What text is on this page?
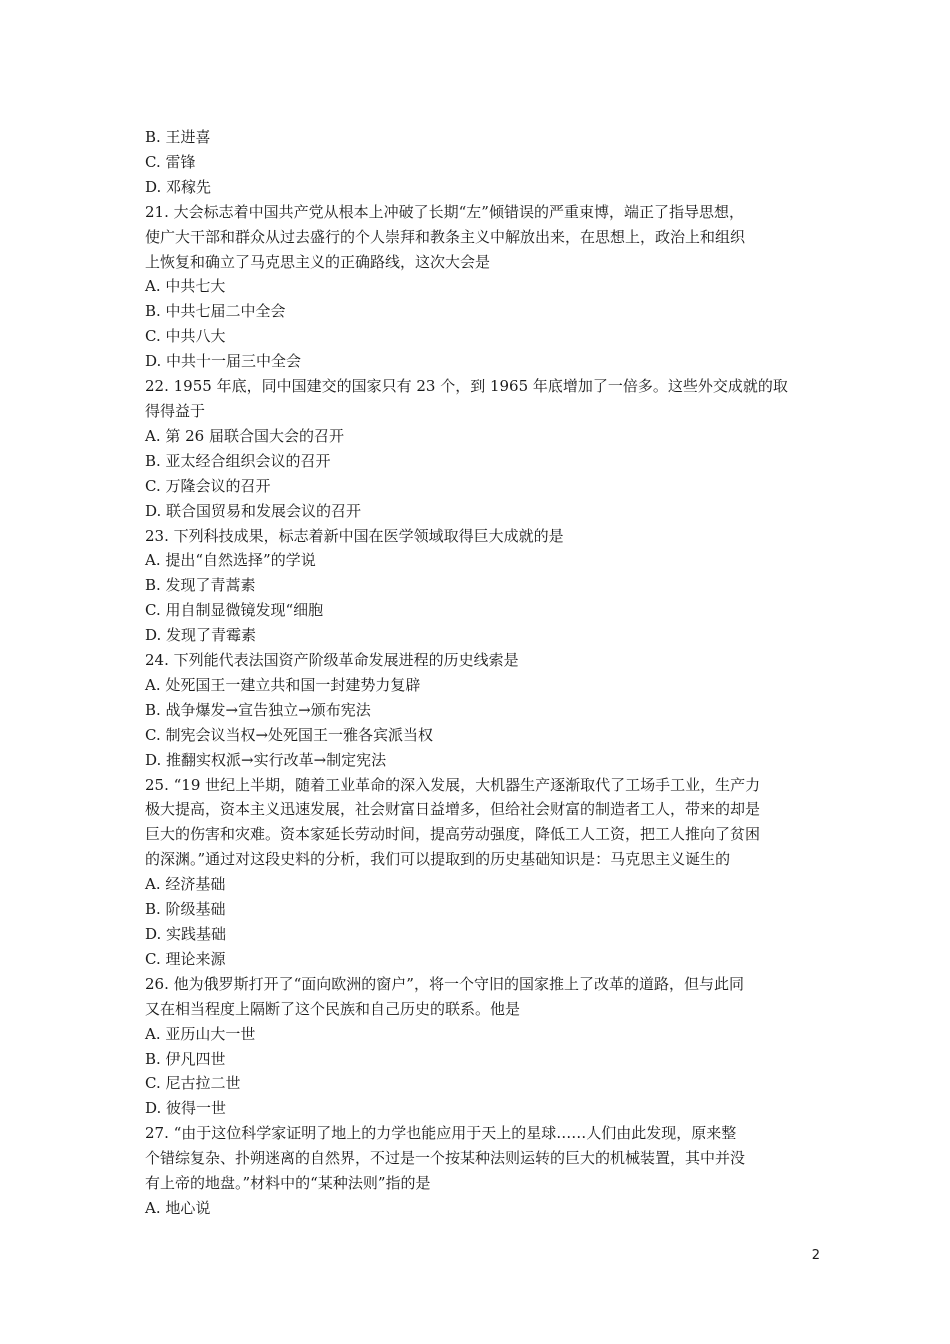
B. 王进喜
C. 雷锋
D. 邓稼先
21. 大会标志着中国共产党从根本上冲破了长期“左”倾错误的严重束博，端正了指导思想，
使广大干部和群众从过去盛行的个人崇拜和教条主义中解放出来，在思想上，政治上和组织
上恢复和确立了马克思主义的正确路线，这次大会是
A. 中共七大
B. 中共七届二中全会
C. 中共八大
D. 中共十一届三中全会
22. 1955 年底，同中国建交的国家只有 23 个，到 1965 年底增加了一倍多。这些外交成就的取
得得益于
A. 第 26 届联合国大会的召开
B. 亚太经合组织会议的召开
C. 万隆会议的召开
D. 联合国贸易和发展会议的召开
23. 下列科技成果，标志着新中国在医学领域取得巨大成就的是
A. 提出“自然选择”的学说
B. 发现了青蒿素
C. 用自制显微镜发现“细胞
D. 发现了青霉素
24. 下列能代表法国资产阶级革命发展进程的历史线索是
A. 处死国王一建立共和国一封建势力复辟
B. 战争爆发→宣告独立→颁布宪法
C. 制宪会议当权→处死国王一雅各宾派当权
D. 推翻实权派→实行改革→制定宪法
25. “19 世纪上半期，随着工业革命的深入发展，大机器生产逐渐取代了工场手工业，生产力
极大提高，资本主义迅速发展，社会财富日益增多，但给社会财富的制造者工人，带来的却是
巨大的伤害和灾难。资本家延长劳动时间，提高劳动强度，降低工人工资，把工人推向了贫困
的深渊。”通过对这段史料的分析，我们可以提取到的历史基础知识是：马克思主义诞生的
A. 经济基础
B. 阶级基础
D. 实践基础
C. 理论来源
26. 他为俄罗斯打开了“面向欧洲的窗户”，将一个守旧的国家推上了改革的道路，但与此同
又在相当程度上隔断了这个民族和自己历史的联系。他是
A. 亚历山大一世
B. 伊凡四世
C. 尼古拉二世
D. 彼得一世
27. “由于这位科学家证明了地上的力学也能应用于天上的星球……人们由此发现，原来整
个错综复杂、扑朔迷离的自然界，不过是一个按某种法则运转的巨大的机械装置，其中并没
有上帝的地盘。”材料中的“某种法则”指的是
A. 地心说
2
